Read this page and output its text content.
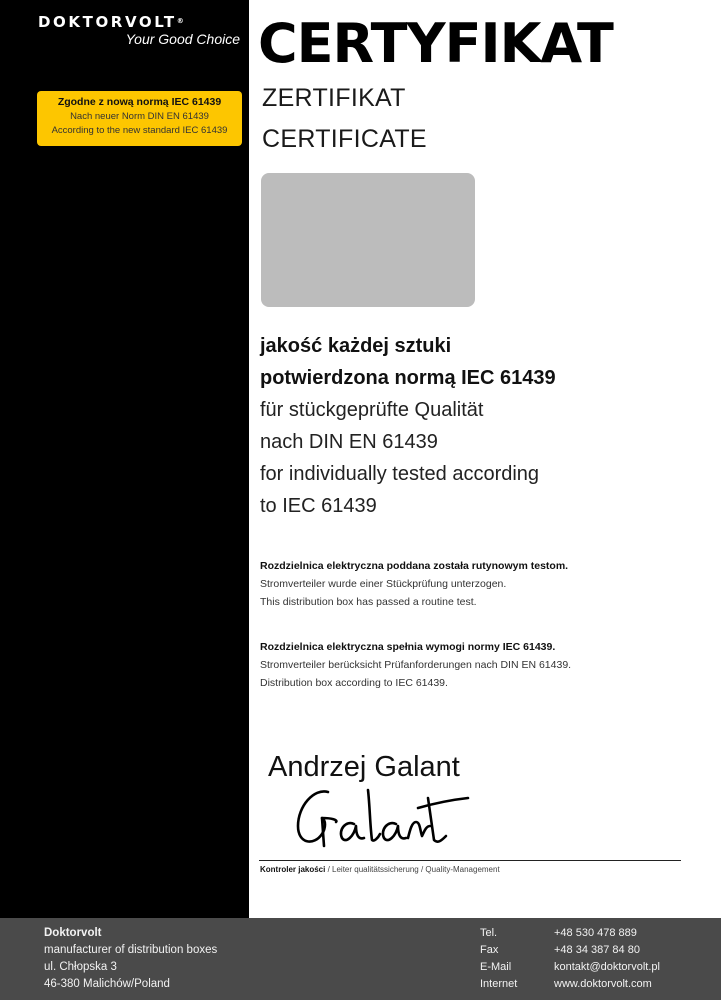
DOKTORVOLT®
Your Good Choice
Zgodne z nową normą IEC 61439
Nach neuer Norm DIN EN 61439
According to the new standard IEC 61439
CERTYFIKAT
ZERTIFIKAT
CERTIFICATE
jakość każdej sztuki
potwierdzona normą IEC 61439
für stückgeprüfte Qualität
nach DIN EN 61439
for individually tested according
to IEC 61439
Rozdzielnica elektryczna poddana została rutynowym testom.
Stromverteiler wurde einer Stückprüfung unterzogen.
This distribution box has passed a routine test.
Rozdzielnica elektryczna spełnia wymogi normy IEC 61439.
Stromverteiler berücksicht Prüfanforderungen nach DIN EN 61439.
Distribution box according to IEC 61439.
Andrzej Galant
Kontroler jakości / Leiter qualitätssicherung / Quality-Management
Doktorvolt
manufacturer of distribution boxes
ul. Chłopska 3
46-380 Malichów/Poland
Tel.	+48 530 478 889
Fax	+48 34 387 84 80
E-Mail	kontakt@doktorvolt.pl
Internet	www.doktorvolt.com
